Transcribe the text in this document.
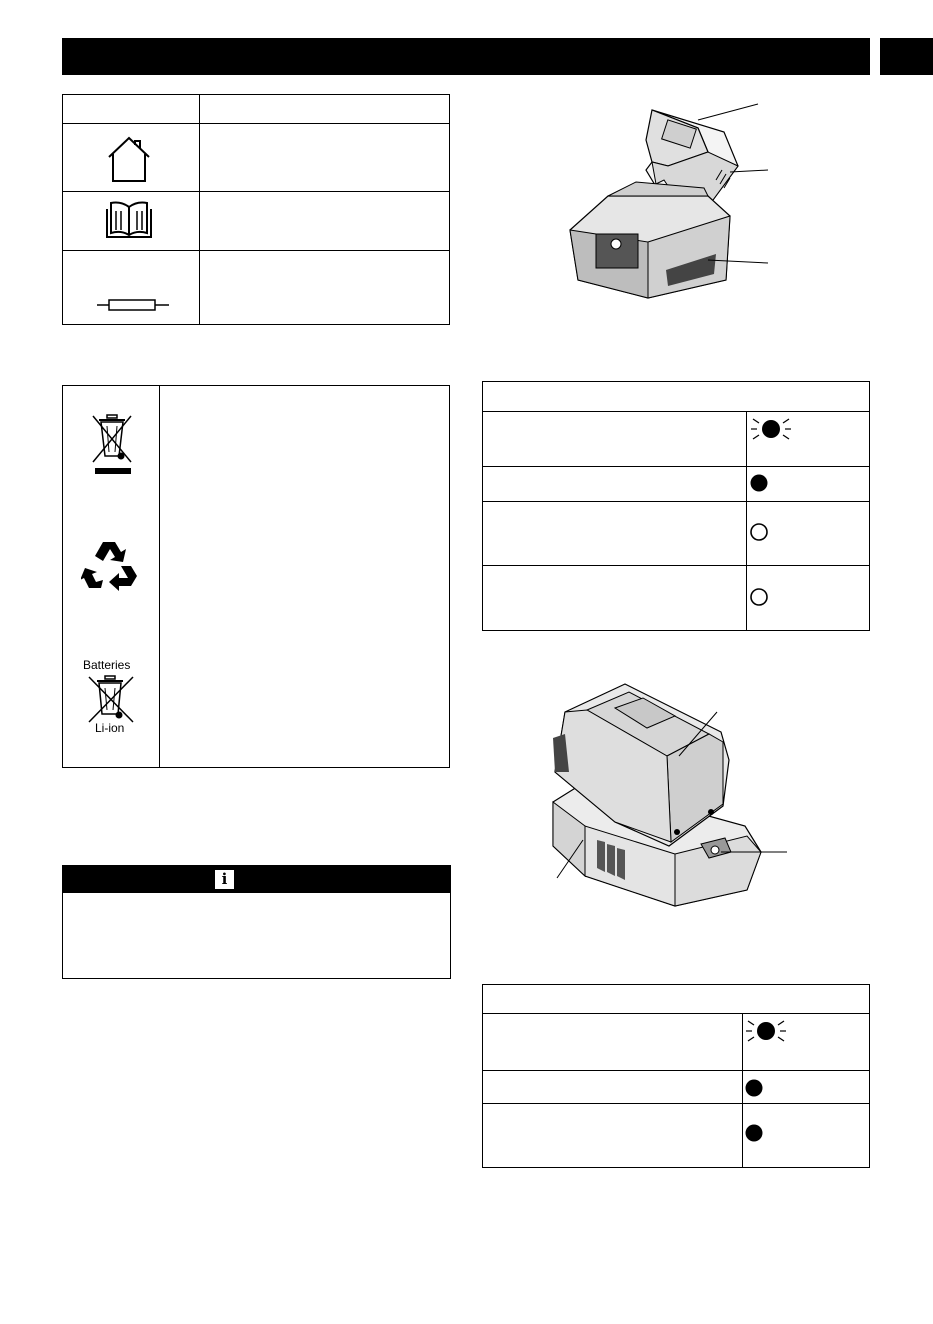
Batteries
Li-ion
i
